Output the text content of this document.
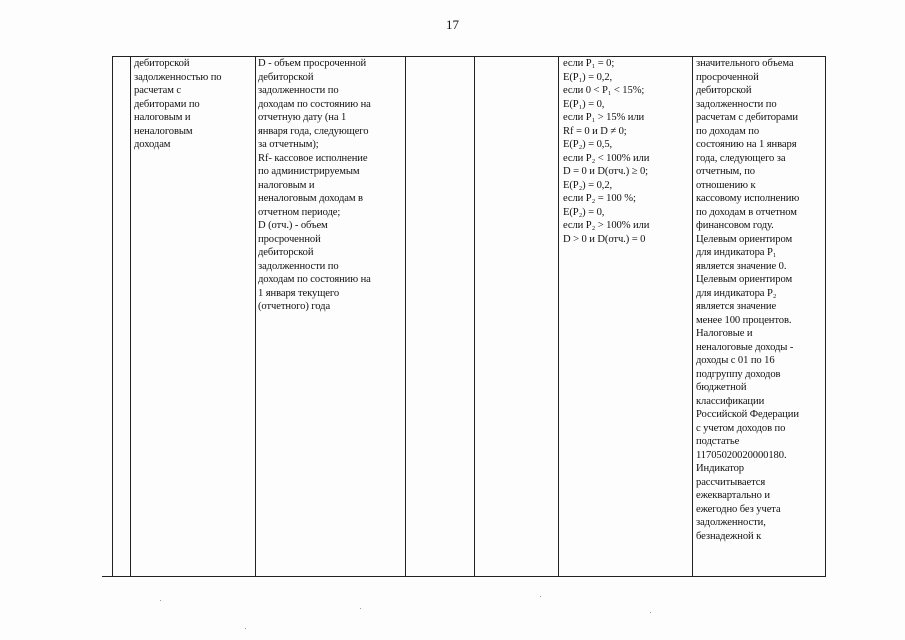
17
дебиторской
задолженностью по
расчетам с
дебиторами по
налоговым и
неналоговым
доходам
D - объем просроченной
дебиторской
задолженности по
доходам по состоянию на
отчетную дату (на 1
января года, следующего
за отчетным);
Rf- кассовое исполнение
по администрируемым
налоговым и
неналоговым доходам в
отчетном периоде;
D (отч.) - объем
просроченной
дебиторской
задолженности по
доходам по состоянию на
1 января текущего
(отчетного) года
если P₁ = 0;
E(P₁) = 0,2,
если 0 < P₁ < 15%;
E(P₁) = 0,
если P₁ > 15% или
Rf = 0 и D ≠ 0;
E(P₂) = 0,5,
если P₂ < 100% или
D = 0 и D(отч.) ≥ 0;
E(P₂) = 0,2,
если P₂ = 100 %;
E(P₂) = 0,
если P₂ > 100% или
D > 0 и D(отч.) = 0
значительного объема
просроченной
дебиторской
задолженности по
расчетам с дебиторами
по доходам по
состоянию на 1 января
года, следующего за
отчетным, по
отношению к
кассовому исполнению
по доходам в отчетном
финансовом году.
Целевым ориентиром
для индикатора P₁
является значение 0.
Целевым ориентиром
для индикатора P₂
является значение
менее 100 процентов.
Налоговые и
неналоговые доходы -
доходы с 01 по 16
подгруппу доходов
бюджетной
классификации
Российской Федерации
с учетом доходов по
подстатье
11705020020000180.
Индикатор
рассчитывается
ежеквартально и
ежегодно без учета
задолженности,
безнадежной к
